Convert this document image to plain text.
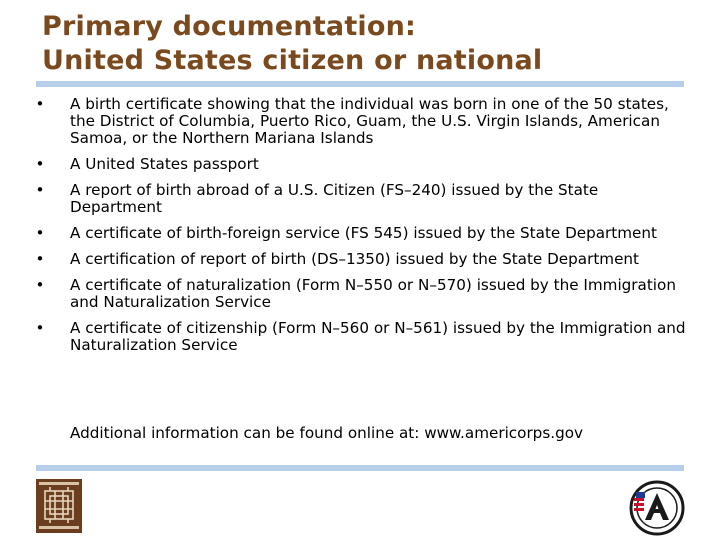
Primary documentation:
United States citizen or national
•	A birth certificate showing that the individual was born in one of the 50 states, the District of Columbia, Puerto Rico, Guam, the U.S. Virgin Islands, American Samoa, or the Northern Mariana Islands
•	A United States passport
•	A report of birth abroad of a U.S. Citizen (FS–240) issued by the State Department
•	A certificate of birth-foreign service (FS 545) issued by the State Department
•	A certification of report of birth (DS–1350) issued by the State Department
•	A certificate of naturalization (Form N–550 or N–570) issued by the Immigration and Naturalization Service
•	A certificate of citizenship (Form N–560 or N–561) issued by the Immigration and Naturalization Service
Additional information can be found online at: www.americorps.gov
